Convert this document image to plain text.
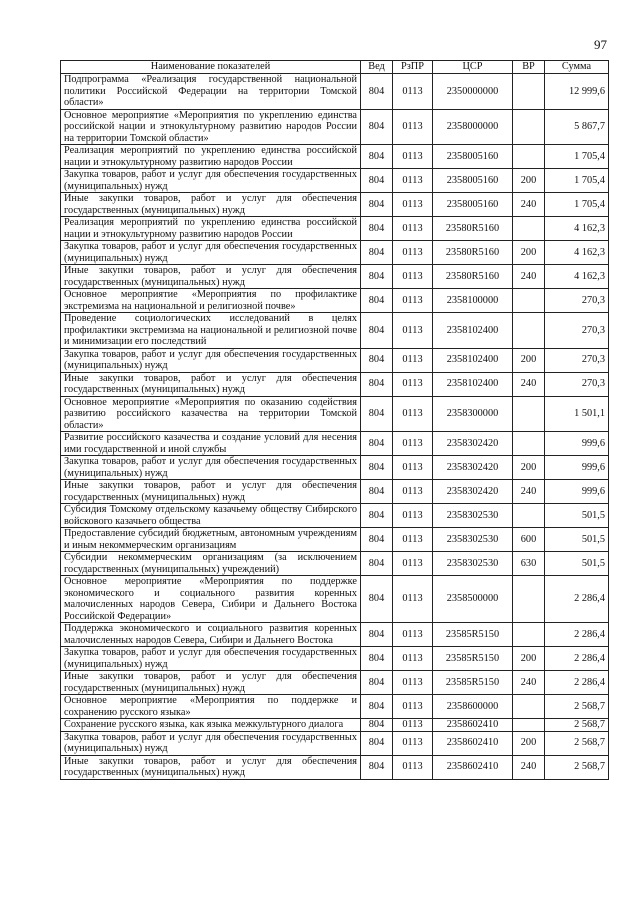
97
Наименование показателей	Вед	РзПР	ЦСР	ВР	Сумма
Подпрограмма «Реализация государственной национальной политики Российской Федерации на территории Томской области»	804	0113	2350000000		12 999,6
Основное мероприятие «Мероприятия по укреплению единства российской нации и этнокультурному развитию народов России на территории Томской области»	804	0113	2358000000		5 867,7
Реализация мероприятий по укреплению единства российской нации и этнокультурному развитию народов России	804	0113	2358005160		1 705,4
Закупка товаров, работ и услуг для обеспечения государственных (муниципальных) нужд	804	0113	2358005160	200	1 705,4
Иные закупки товаров, работ и услуг для обеспечения государственных (муниципальных) нужд	804	0113	2358005160	240	1 705,4
Реализация мероприятий по укреплению единства российской нации и этнокультурному развитию народов России	804	0113	23580R5160		4 162,3
Закупка товаров, работ и услуг для обеспечения государственных (муниципальных) нужд	804	0113	23580R5160	200	4 162,3
Иные закупки товаров, работ и услуг для обеспечения государственных (муниципальных) нужд	804	0113	23580R5160	240	4 162,3
Основное мероприятие «Мероприятия по профилактике экстремизма на национальной и религиозной почве»	804	0113	2358100000		270,3
Проведение социологических исследований в целях профилактики экстремизма на национальной и религиозной почве и минимизации его последствий	804	0113	2358102400		270,3
Закупка товаров, работ и услуг для обеспечения государственных (муниципальных) нужд	804	0113	2358102400	200	270,3
Иные закупки товаров, работ и услуг для обеспечения государственных (муниципальных) нужд	804	0113	2358102400	240	270,3
Основное мероприятие «Мероприятия по оказанию содействия развитию российского казачества на территории Томской области»	804	0113	2358300000		1 501,1
Развитие российского казачества и создание условий для несения ими государственной и иной службы	804	0113	2358302420		999,6
Закупка товаров, работ и услуг для обеспечения государственных (муниципальных) нужд	804	0113	2358302420	200	999,6
Иные закупки товаров, работ и услуг для обеспечения государственных (муниципальных) нужд	804	0113	2358302420	240	999,6
Субсидия Томскому отдельскому казачьему обществу Сибирского войскового казачьего общества	804	0113	2358302530		501,5
Предоставление субсидий бюджетным, автономным учреждениям и иным некоммерческим организациям	804	0113	2358302530	600	501,5
Субсидии некоммерческим организациям (за исключением государственных (муниципальных) учреждений)	804	0113	2358302530	630	501,5
Основное мероприятие «Мероприятия по поддержке экономического и социального развития коренных малочисленных народов Севера, Сибири и Дальнего Востока Российской Федерации»	804	0113	2358500000		2 286,4
Поддержка экономического и социального развития коренных малочисленных народов Севера, Сибири и Дальнего Востока	804	0113	23585R5150		2 286,4
Закупка товаров, работ и услуг для обеспечения государственных (муниципальных) нужд	804	0113	23585R5150	200	2 286,4
Иные закупки товаров, работ и услуг для обеспечения государственных (муниципальных) нужд	804	0113	23585R5150	240	2 286,4
Основное мероприятие «Мероприятия по поддержке и сохранению русского языка»	804	0113	2358600000		2 568,7
Сохранение русского языка, как языка межкультурного диалога	804	0113	2358602410		2 568,7
Закупка товаров, работ и услуг для обеспечения государственных (муниципальных) нужд	804	0113	2358602410	200	2 568,7
Иные закупки товаров, работ и услуг для обеспечения государственных (муниципальных) нужд	804	0113	2358602410	240	2 568,7
